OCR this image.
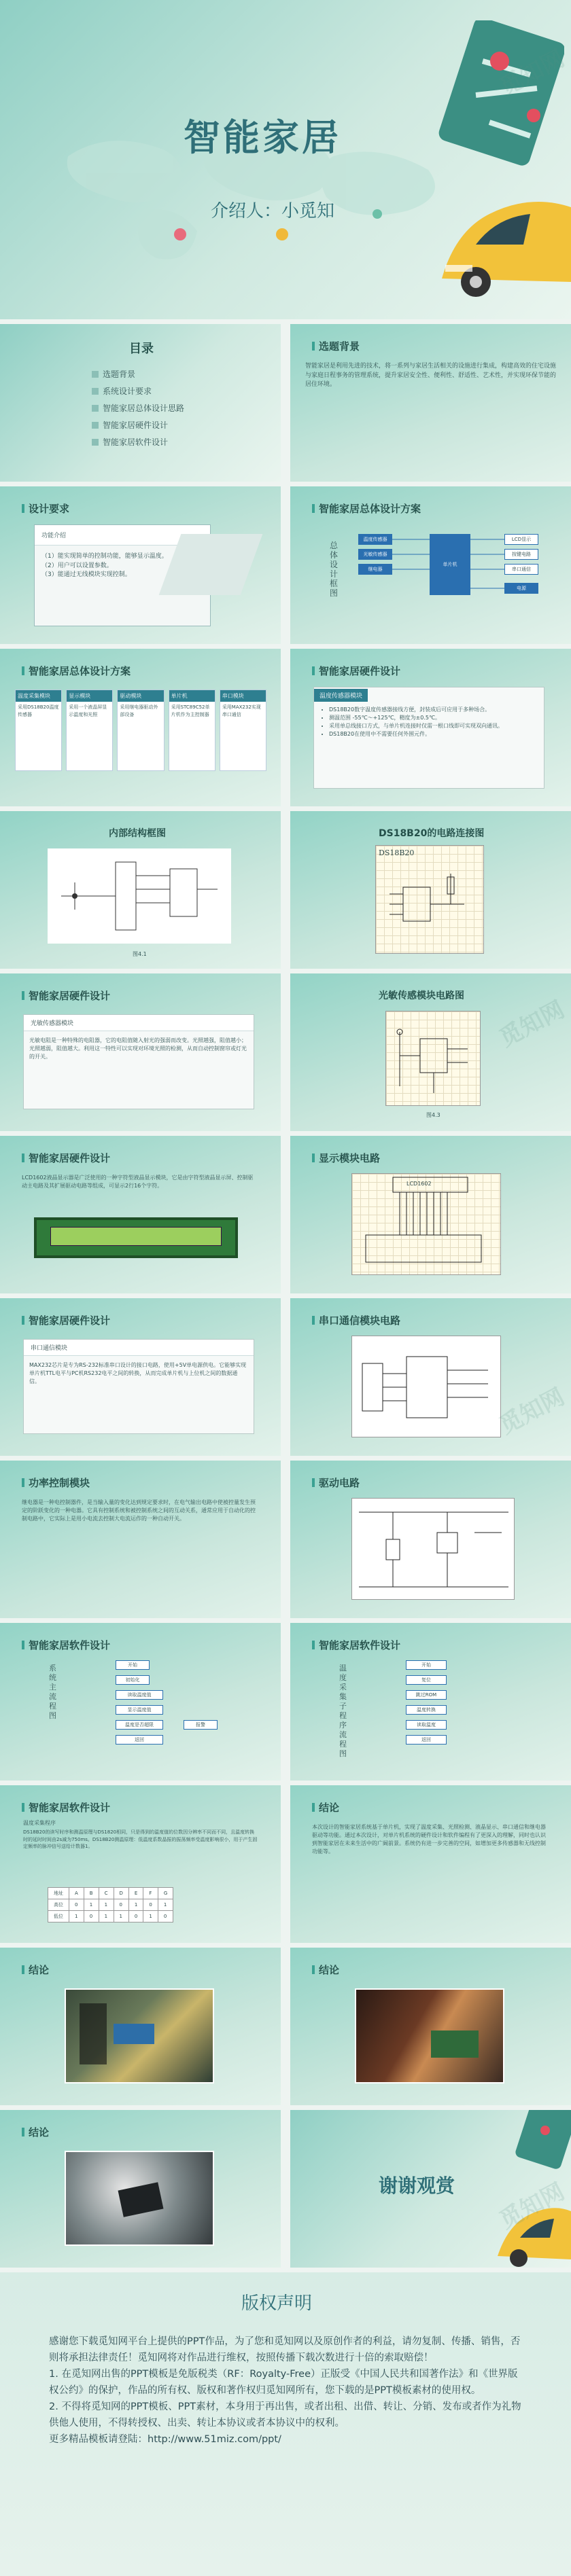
智能家居
介绍人：小觅知
目录
选题背景
系统设计要求
智能家居总体设计思路
智能家居硬件设计
智能家居软件设计
选题背景
智能家居是利用先进的技术，将一系列与家居生活相关的设施进行集成，构建高效的住宅设施与家庭日程事务的管理系统，提升家居安全性、便利性、舒适性、艺术性，并实现环保节能的居住环境。
设计要求
功能介绍
（1）能实现简单的控制功能，能够显示温度。
（2）用户可以设置参数。
（3）能通过无线模块实现控制。
智能家居总体设计方案
总体设计框图
温度传感器
光敏传感器
继电器
单片机
LCD显示
按键电路
串口通信
电源
智能家居总体设计方案
温度采集模块
采用DS18B20温度传感器
显示模块
采用一个液晶屏显示温度和光照
驱动模块
采用继电器驱动外部设备
单片机
采用STC89C52单片机作为主控制器
串口模块
采用MAX232实现串口通信
智能家居硬件设计
温度传感器模块
• DS18B20数字温度传感器接线方便，封装成后可应用于多种场合。
• 测温范围 -55℃～+125℃，精度为±0.5℃。
• 采用单总线接口方式，与单片机连接时仅需一根口线即可实现双向通讯。
• DS18B20在使用中不需要任何外围元件。
内部结构框图
图4.1
DS18B20的电路连接图
DS18B20
智能家居硬件设计
光敏传感器模块
光敏电阻是一种特殊的电阻器，它的电阻值随入射光的强弱而改变。光照越强，阻值越小；光照越弱，阻值越大。利用这一特性可以实现对环境光照的检测，从而自动控制窗帘或灯光的开关。
光敏传感模块电路图
图4.3
智能家居硬件设计
LCD1602液晶显示器是广泛使用的一种字符型液晶显示模块，它是由字符型液晶显示屏、控制驱动主电路及其扩展驱动电路等组成，可显示2行16个字符。
显示模块电路
LCD1602
智能家居硬件设计
串口通信模块
MAX232芯片是专为RS-232标准串口设计的接口电路，使用+5V单电源供电。它能够实现单片机TTL电平与PC机RS232电平之间的转换，从而完成单片机与上位机之间的数据通信。
串口通信模块电路
功率控制模块
继电器是一种电控制器件，是当输入量的变化达到规定要求时，在电气输出电路中使被控量发生预定的阶跃变化的一种电器。它具有控制系统和被控制系统之间的互动关系，通常应用于自动化的控制电路中，它实际上是用小电流去控制大电流运作的一种自动开关。
驱动电路
智能家居软件设计
系统主流程图
开始
初始化
读取温度值
显示温度值
温度是否超限	报警
返回
智能家居软件设计
温度采集子程序流程图
开始
复位
跳过ROM
温度转换
读取温度
返回
智能家居软件设计
温度采集程序
DS18B20的读写时序和测温原理与DS1820相同，只是得到的温度值的位数因分辨率不同而不同，且温度转换时的延时时间由2s减为750ms。DS18B20测温原理：低温度系数晶振的振荡频率受温度影响很小，用于产生固定频率的脉冲信号送给计数器1。
地址	A	B	C	D	E	F	G
高位	0	1	1	0	1	0	1
低位	1	0	1	1	0	1	0
结论
本次设计的智能家居系统基于单片机，实现了温度采集、光照检测、液晶显示、串口通信和继电器驱动等功能。通过本次设计，对单片机系统的硬件设计和软件编程有了更深入的理解，同时也认识到智能家居在未来生活中的广阔前景。系统仍有进一步完善的空间，如增加更多传感器和无线控制功能等。
结论	结论
结论
谢谢观赏
版权声明

感谢您下载觅知网平台上提供的PPT作品，为了您和觅知网以及原创作者的利益，请勿复制、传播、销售，否则将承担法律责任！觅知网将对作品进行维权，按照传播下载次数进行十倍的索取赔偿！

1. 在觅知网出售的PPT模板是免版税类（RF：Royalty-Free）正版受《中国人民共和国著作法》和《世界版权公约》的保护，作品的所有权、版权和著作权归觅知网所有，您下载的是PPT模板素材的使用权。

2. 不得将觅知网的PPT模板、PPT素材，本身用于再出售，或者出租、出借、转让、分销、发布或者作为礼物供他人使用，不得转授权、出卖、转让本协议或者本协议中的权利。

更多精品模板请登陆：http://www.51miz.com/ppt/
